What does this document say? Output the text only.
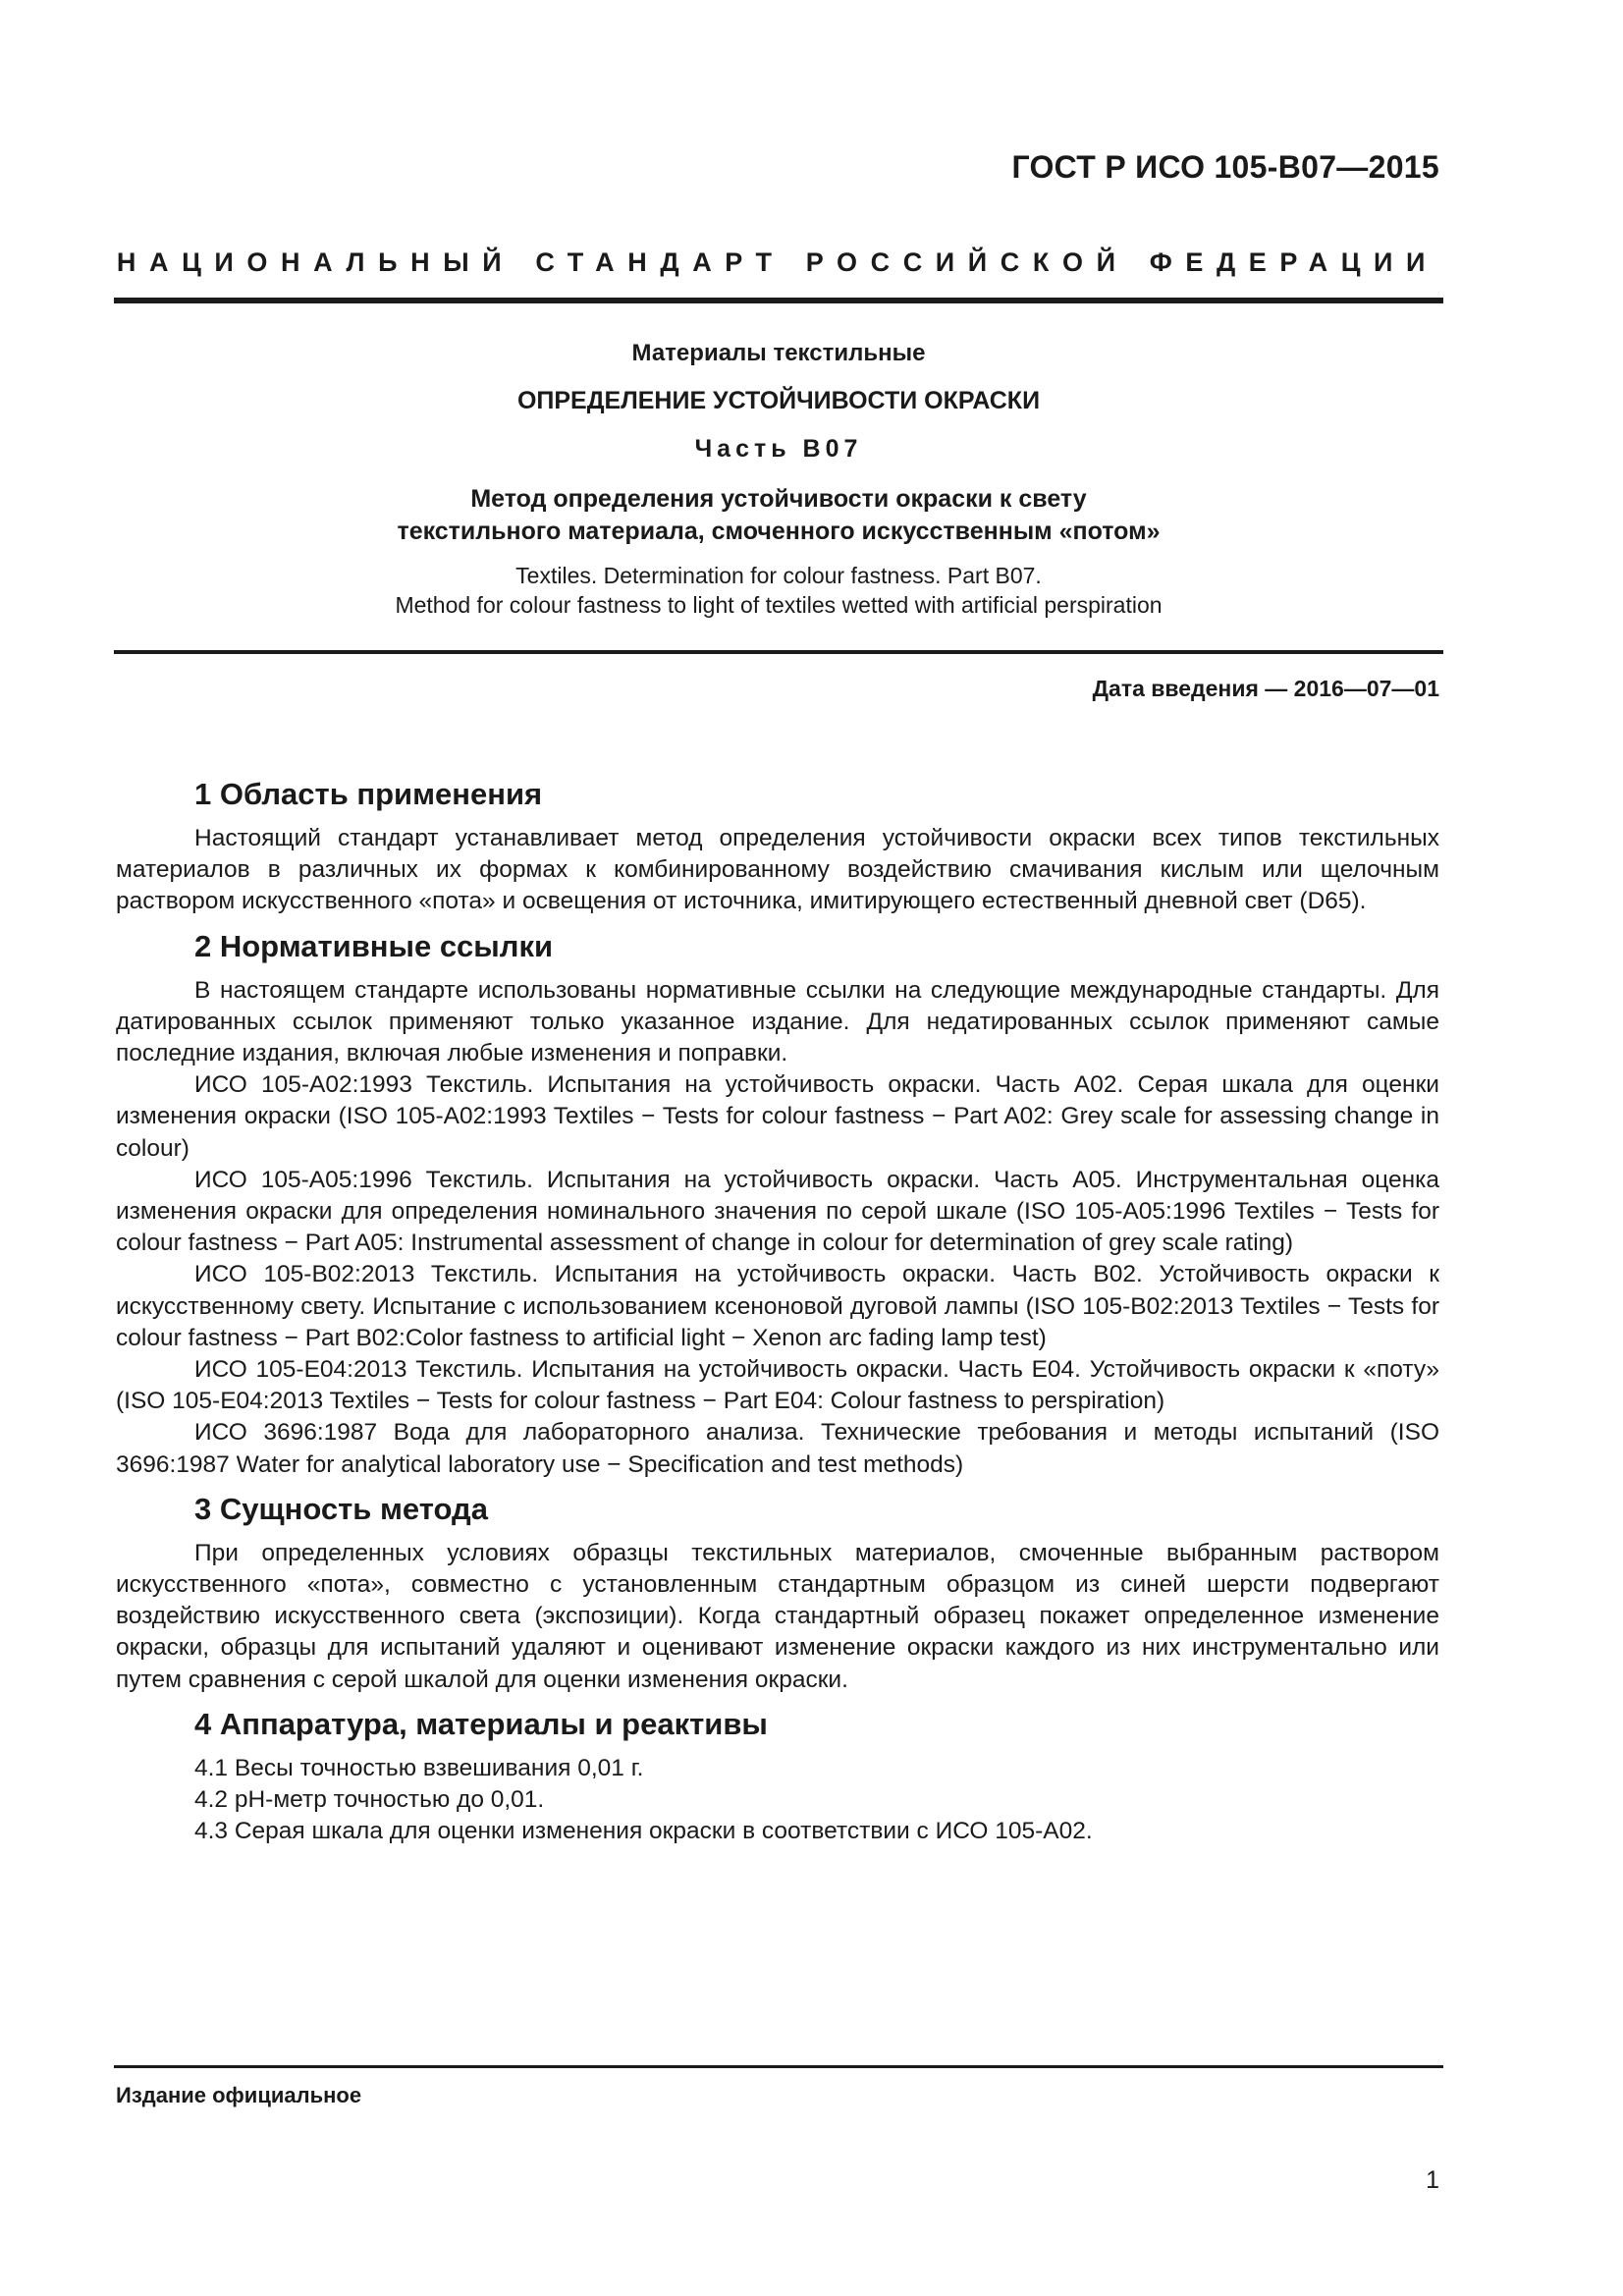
ГОСТ Р ИСО 105-В07—2015
НАЦИОНАЛЬНЫЙ СТАНДАРТ РОССИЙСКОЙ ФЕДЕРАЦИИ
Материалы текстильные
ОПРЕДЕЛЕНИЕ УСТОЙЧИВОСТИ ОКРАСКИ
Часть В07
Метод определения устойчивости окраски к свету
текстильного материала, смоченного искусственным «потом»
Textiles. Determination for colour fastness. Part B07.
Method for colour fastness to light of textiles wetted with artificial perspiration
Дата введения — 2016—07—01
1 Область применения

Настоящий стандарт устанавливает метод определения устойчивости окраски всех типов текстильных материалов в различных их формах к комбинированному воздействию смачивания кислым или щелочным раствором искусственного «пота» и освещения от источника, имитирующего естественный дневной свет (D65).

2 Нормативные ссылки

В настоящем стандарте использованы нормативные ссылки на следующие международные стандарты. Для датированных ссылок применяют только указанное издание. Для недатированных ссылок применяют самые последние издания, включая любые изменения и поправки.

ИСО 105-А02:1993 Текстиль. Испытания на устойчивость окраски. Часть А02. Серая шкала для оценки изменения окраски (ISO 105-A02:1993 Textiles − Tests for colour fastness − Part A02: Grey scale for assessing change in colour)

ИСО 105-А05:1996 Текстиль. Испытания на устойчивость окраски. Часть А05. Инструментальная оценка изменения окраски для определения номинального значения по серой шкале (ISO 105-A05:1996 Textiles − Tests for colour fastness − Part A05: Instrumental assessment of change in colour for determination of grey scale rating)

ИСО 105-В02:2013 Текстиль. Испытания на устойчивость окраски. Часть В02. Устойчивость окраски к искусственному свету. Испытание с использованием ксеноновой дуговой лампы (ISO 105-B02:2013 Textiles − Tests for colour fastness − Part B02:Color fastness to artificial light − Xenon arc fading lamp test)

ИСО 105-Е04:2013 Текстиль. Испытания на устойчивость окраски. Часть Е04. Устойчивость окраски к «поту» (ISO 105-E04:2013 Textiles − Tests for colour fastness − Part E04: Colour fastness to perspiration)

ИСО 3696:1987 Вода для лабораторного анализа. Технические требования и методы испытаний (ISO 3696:1987 Water for analytical laboratory use − Specification and test methods)

3 Сущность метода

При определенных условиях образцы текстильных материалов, смоченные выбранным раствором искусственного «пота», совместно с установленным стандартным образцом из синей шерсти подвергают воздействию искусственного света (экспозиции). Когда стандартный образец покажет определенное изменение окраски, образцы для испытаний удаляют и оценивают изменение окраски каждого из них инструментально или путем сравнения с серой шкалой для оценки изменения окраски.

4 Аппаратура, материалы и реактивы

4.1 Весы точностью взвешивания 0,01 г.

4.2 рН-метр точностью до 0,01.

4.3 Серая шкала для оценки изменения окраски в соответствии с ИСО 105-А02.

Издание официальное
1
